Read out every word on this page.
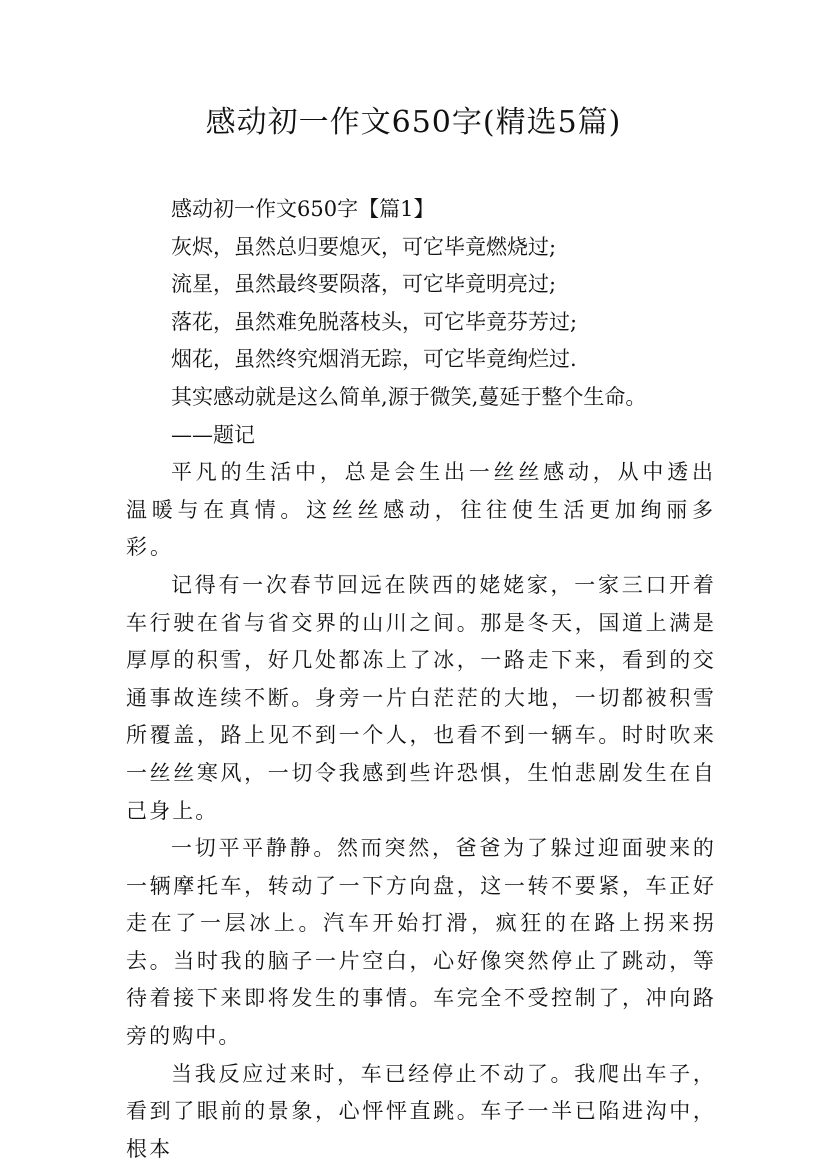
感动初一作文650字(精选5篇)

感动初一作文650字【篇1】

灰烬，虽然总归要熄灭，可它毕竟燃烧过;

流星，虽然最终要陨落，可它毕竟明亮过;

落花，虽然难免脱落枝头，可它毕竟芬芳过;

烟花，虽然终究烟消无踪，可它毕竟绚烂过.

其实感动就是这么简单,源于微笑,蔓延于整个生命。

——题记

平凡的生活中，总是会生出一丝丝感动，从中透出温暖与在真情。这丝丝感动，往往使生活更加绚丽多彩。

记得有一次春节回远在陕西的姥姥家，一家三口开着车行驶在省与省交界的山川之间。那是冬天，国道上满是厚厚的积雪，好几处都冻上了冰，一路走下来，看到的交通事故连续不断。身旁一片白茫茫的大地，一切都被积雪所覆盖，路上见不到一个人，也看不到一辆车。时时吹来一丝丝寒风，一切令我感到些许恐惧，生怕悲剧发生在自己身上。

一切平平静静。然而突然，爸爸为了躲过迎面驶来的一辆摩托车，转动了一下方向盘，这一转不要紧，车正好走在了一层冰上。汽车开始打滑，疯狂的在路上拐来拐去。当时我的脑子一片空白，心好像突然停止了跳动，等待着接下来即将发生的事情。车完全不受控制了，冲向路旁的购中。

当我反应过来时，车已经停止不动了。我爬出车子，看到了眼前的景象，心怦怦直跳。车子一半已陷进沟中，根本
